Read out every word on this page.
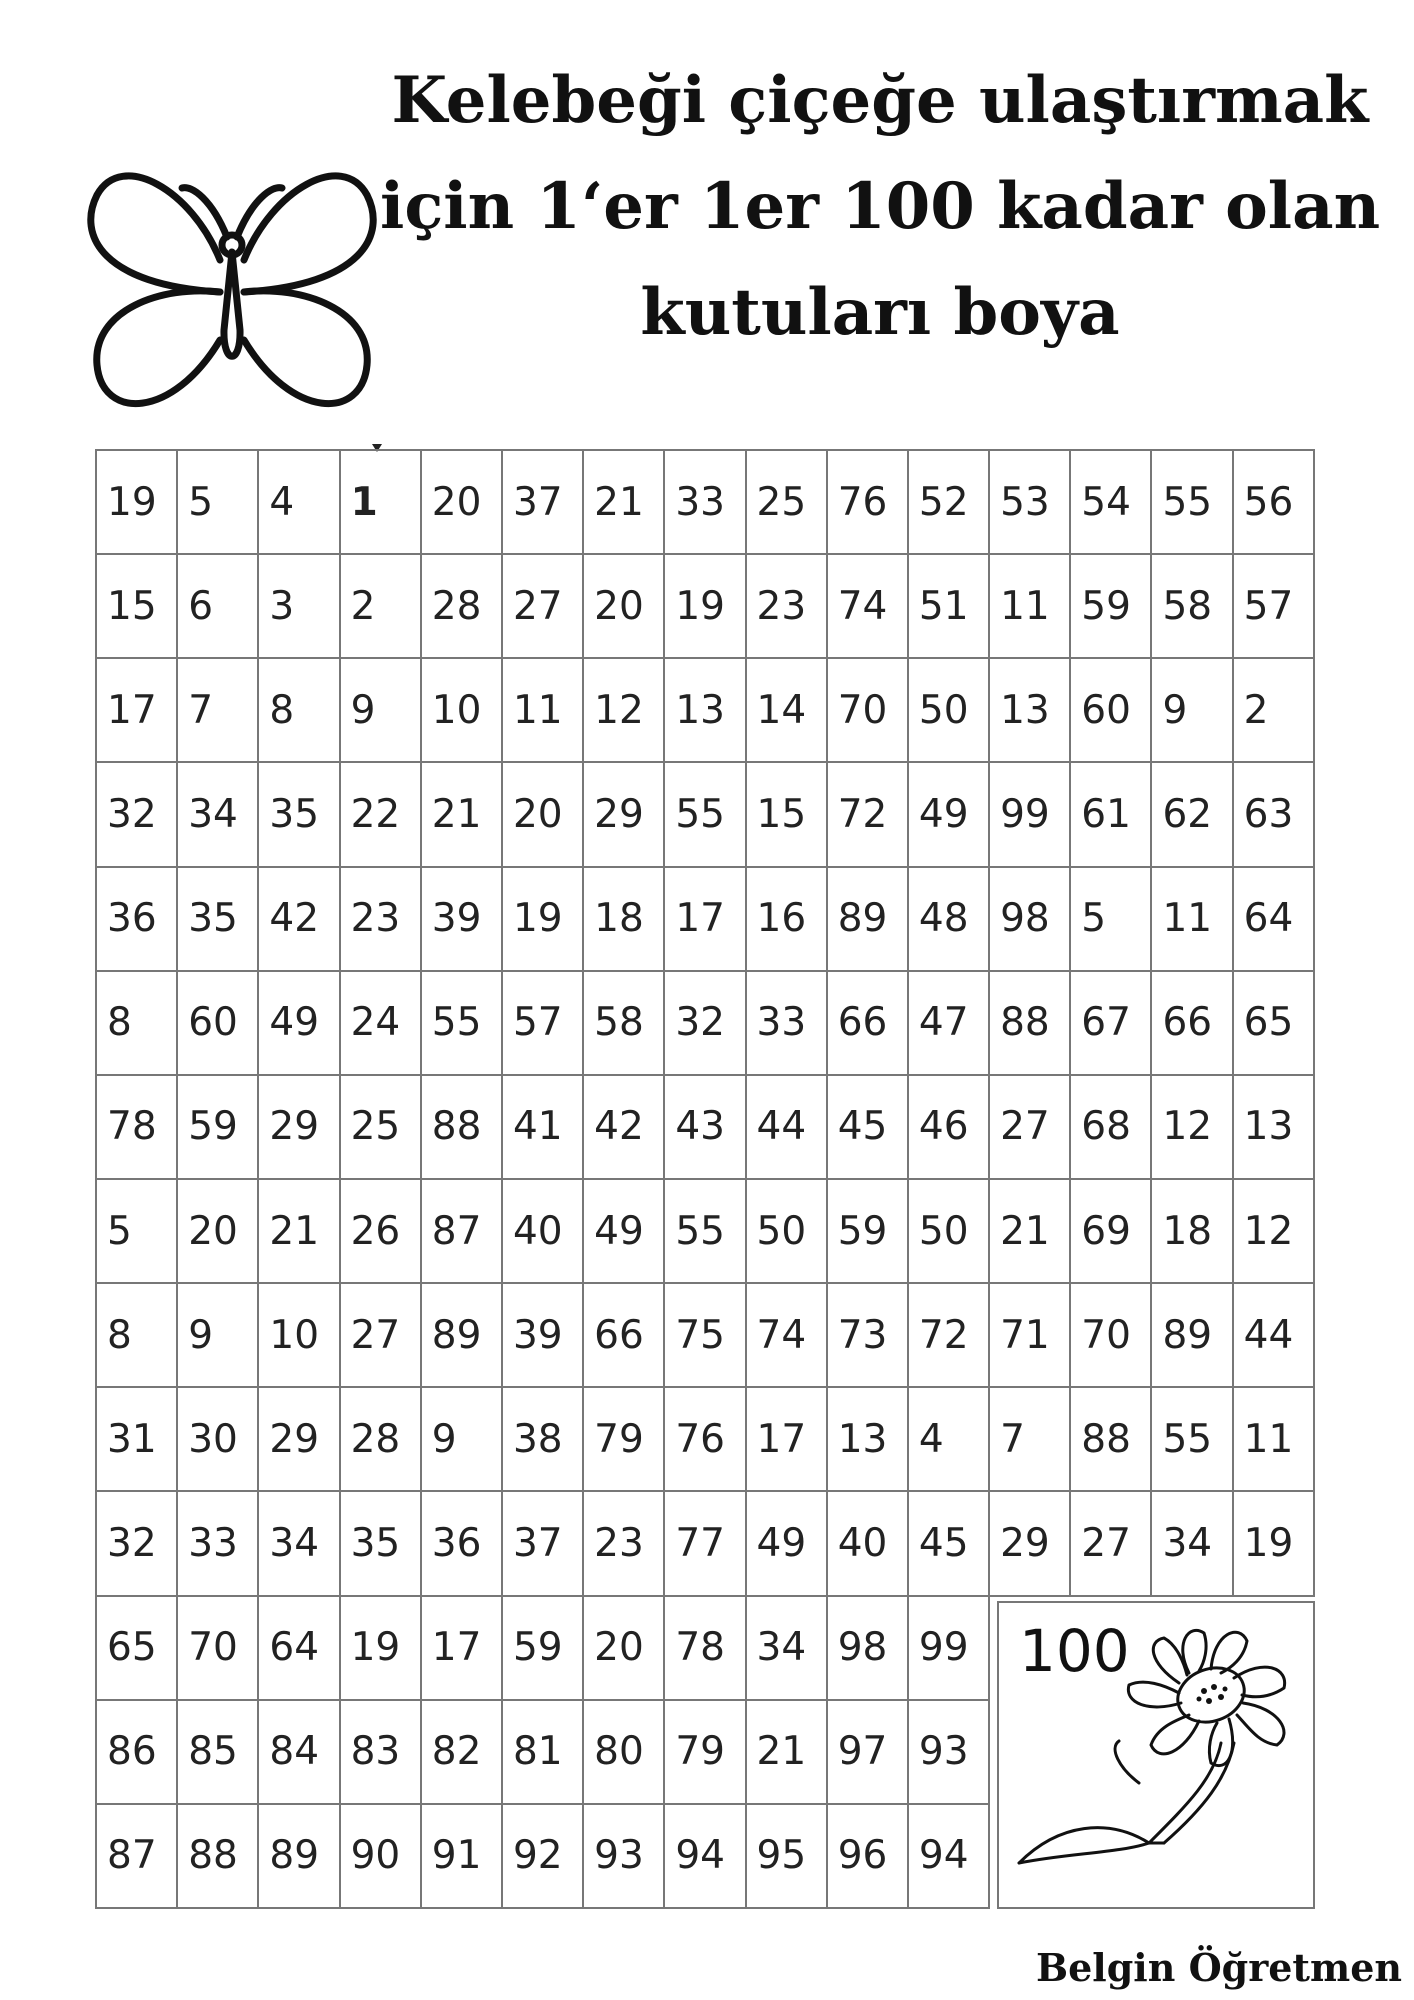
Kelebeği çiçeğe ulaştırmak
için 1‘er 1er 100 kadar olan
kutuları boya
19	5	4	1	20	37	21	33	25	76	52	53	54	55	56
15	6	3	2	28	27	20	19	23	74	51	11	59	58	57
17	7	8	9	10	11	12	13	14	70	50	13	60	9	2
32	34	35	22	21	20	29	55	15	72	49	99	61	62	63
36	35	42	23	39	19	18	17	16	89	48	98	5	11	64
8	60	49	24	55	57	58	32	33	66	47	88	67	66	65
78	59	29	25	88	41	42	43	44	45	46	27	68	12	13
5	20	21	26	87	40	49	55	50	59	50	21	69	18	12
8	9	10	27	89	39	66	75	74	73	72	71	70	89	44
31	30	29	28	9	38	79	76	17	13	4	7	88	55	11
32	33	34	35	36	37	23	77	49	40	45	29	27	34	19
65	70	64	19	17	59	20	78	34	98	99				
86	85	84	83	82	81	80	79	21	97	93				
87	88	89	90	91	92	93	94	95	96	94				
100
Belgin Öğretmen
